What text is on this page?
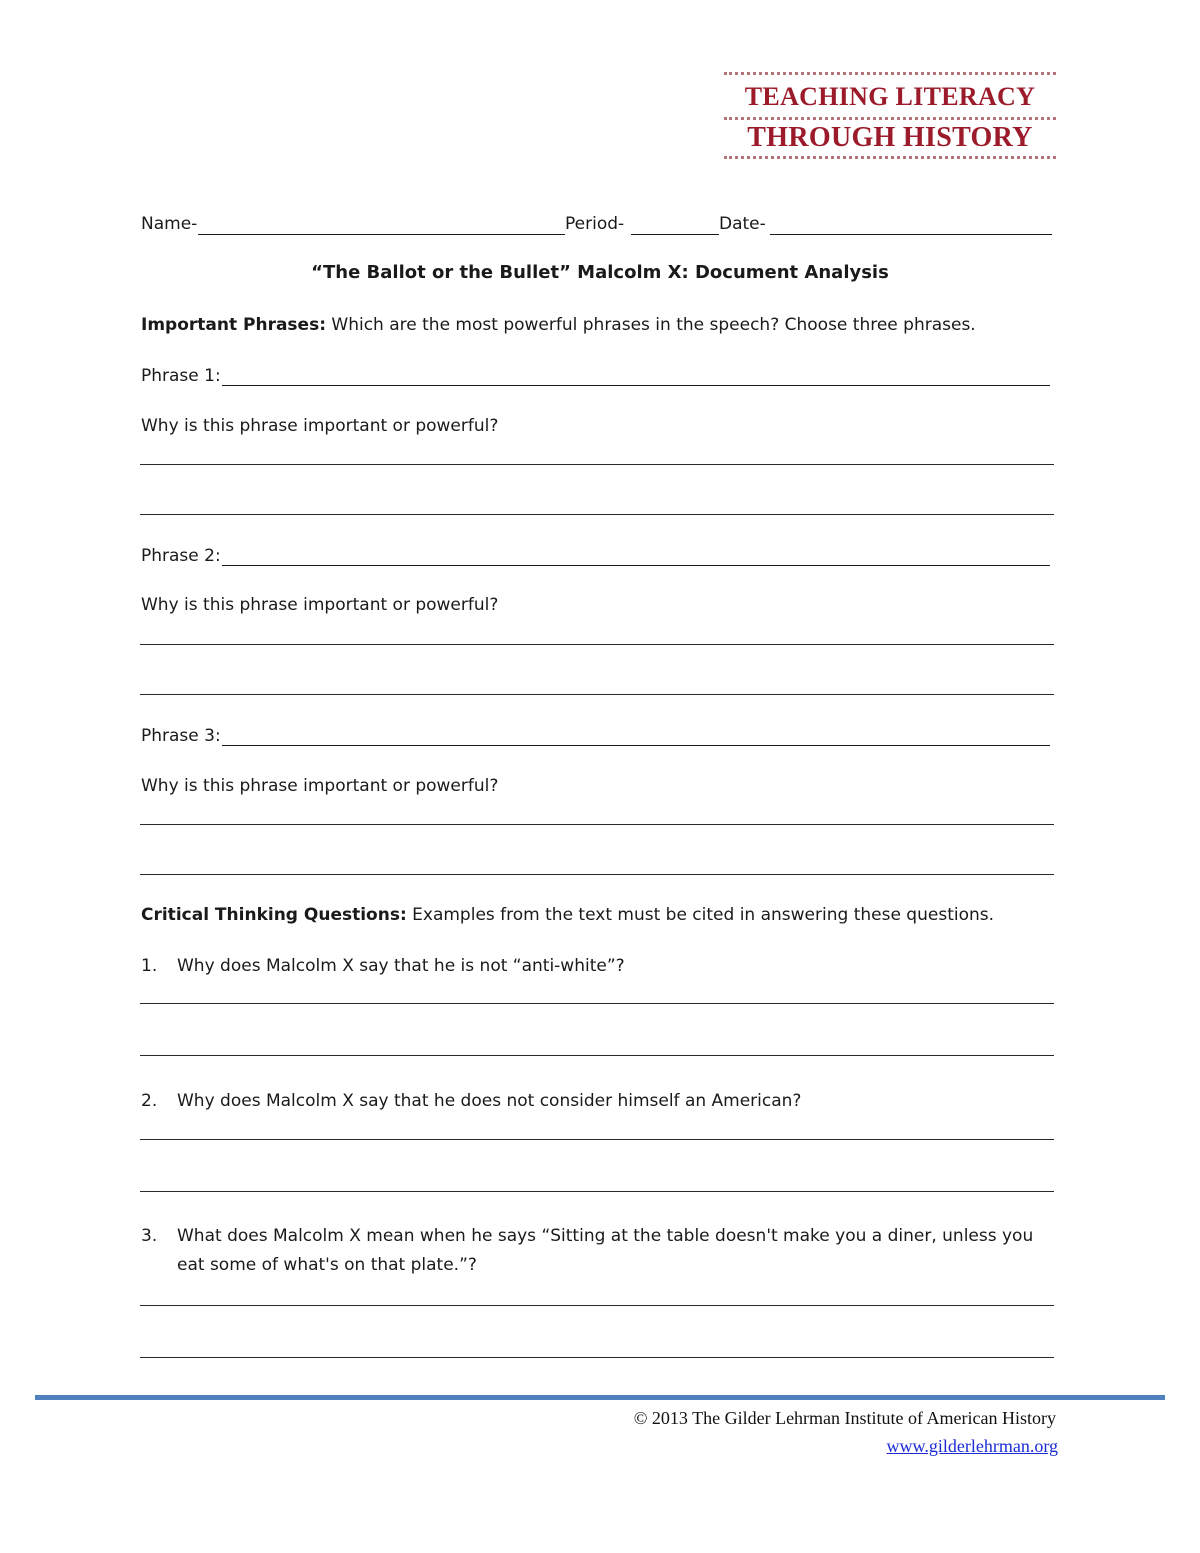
TEACHING LITERACY
THROUGH HISTORY
Name-	Period-	Date-
“The Ballot or the Bullet” Malcolm X: Document Analysis
Important Phrases: Which are the most powerful phrases in the speech? Choose three phrases.
Phrase 1:
Why is this phrase important or powerful?
Phrase 2:
Why is this phrase important or powerful?
Phrase 3:
Why is this phrase important or powerful?
Critical Thinking Questions: Examples from the text must be cited in answering these questions.
1. Why does Malcolm X say that he is not “anti-white”?
2. Why does Malcolm X say that he does not consider himself an American?
3. What does Malcolm X mean when he says “Sitting at the table doesn't make you a diner, unless you
eat some of what's on that plate.”?
© 2013 The Gilder Lehrman Institute of American History
www.gilderlehrman.org
